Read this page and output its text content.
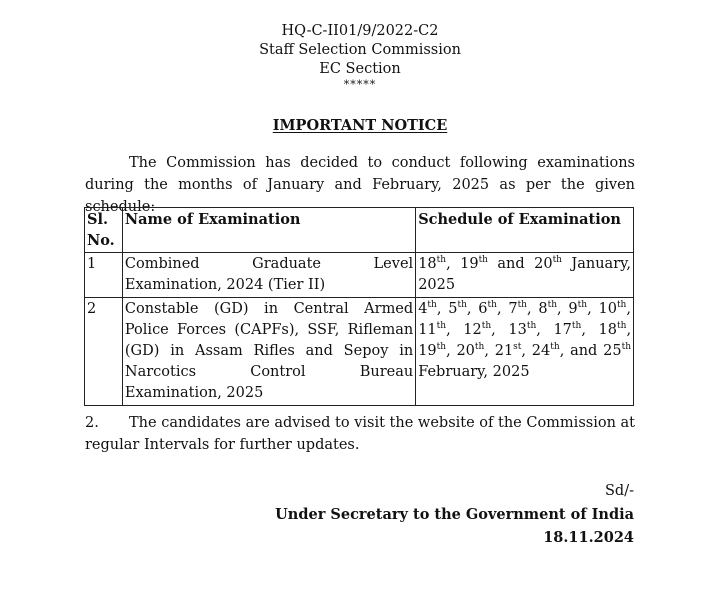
HQ-C-II01/9/2022-C2
Staff Selection Commission
EC Section
*****
IMPORTANT NOTICE
The Commission has decided to conduct following examinations during the months of January and February, 2025 as per the given schedule:
Sl. No.	Name of Examination	Schedule of Examination
1	Combined Graduate Level Examination, 2024 (Tier II)	18th, 19th and 20th January, 2025
2	Constable (GD) in Central Armed Police Forces (CAPFs), SSF, Rifleman (GD) in Assam Rifles and Sepoy in Narcotics Control Bureau Examination, 2025	4th, 5th, 6th, 7th, 8th, 9th, 10th, 11th, 12th, 13th, 17th, 18th, 19th, 20th, 21st, 24th, and 25th February, 2025
2. The candidates are advised to visit the website of the Commission at regular Intervals for further updates.
Sd/-
Under Secretary to the Government of India
18.11.2024
